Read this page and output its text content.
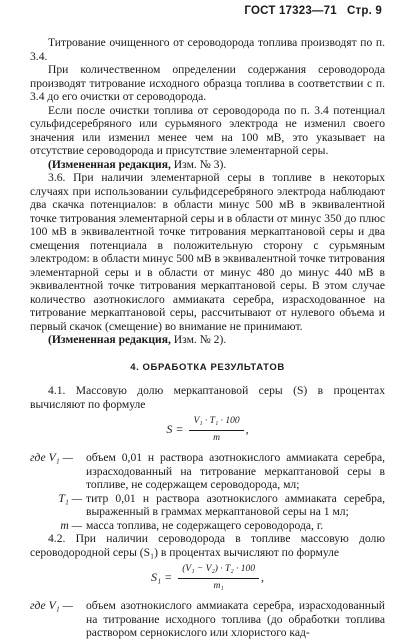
ГОСТ 17323—71 Стр. 9

Титрование очищенного от сероводорода топлива производят по п. 3.4.

При количественном определении содержания сероводорода производят титрование исходного образца топлива в соответствии с п. 3.4 до его очистки от сероводорода.

Если после очистки топлива от сероводорода по п. 3.4 потенциал сульфидсеребряного или сурьмяного электрода не изменил своего значения или изменил менее чем на 100 мВ, это указывает на отсутствие сероводорода и присутствие элементарной серы.

(Измененная редакция, Изм. № 3).

3.6. При наличии элементарной серы в топливе в некоторых случаях при использовании сульфидсеребряного электрода наблюдают два скачка потенциалов: в области минус 500 мВ в эквивалентной точке титрования элементарной серы и в области от минус 350 до плюс 100 мВ в эквивалентной точке титрования меркаптановой серы и два смещения потенциала в положительную сторону с сурьмяным электродом: в области минус 500 мВ в эквивалентной точке титрования элементарной серы и в области от минус 480 до минус 440 мВ в эквивалентной точке титрования меркаптановой серы. В этом случае количество азотнокислого аммиаката серебра, израсходованное на титрование меркаптановой серы, рассчитывают от нулевого объема и первый скачок (смещение) во внимание не принимают.

(Измененная редакция, Изм. № 2).

4. ОБРАБОТКА РЕЗУЛЬТАТОВ

4.1. Массовую долю меркаптановой серы (S) в процентах вычисляют по формуле

$S = \frac{\text{V₁ · T₁ · 100}}{m}$ ,
где V₁ —	объем 0,01 н раствора азотнокислого аммиаката серебра, израсходованный на титрование меркаптановой серы в топливе, не содержащем сероводорода, мл;
T₁ — титр 0,01 н раствора азотнокислого аммиаката серебра, выраженный в граммах меркаптановой серы на 1 мл;
m — масса топлива, не содержащего сероводорода, г.

4.2. При наличии сероводорода в топливе массовую долю сероводородной серы (S₁) в процентах вычисляют по формуле

$S_1 = \frac{\text{(V₁ − V₂) · T₂ · 100}}{\text{m₁}}$ ,
где V₁ —	объем азотнокислого аммиаката серебра, израсходованный на титрование исходного топлива (до обработки топлива раствором сернокислого или хлористого кад-
